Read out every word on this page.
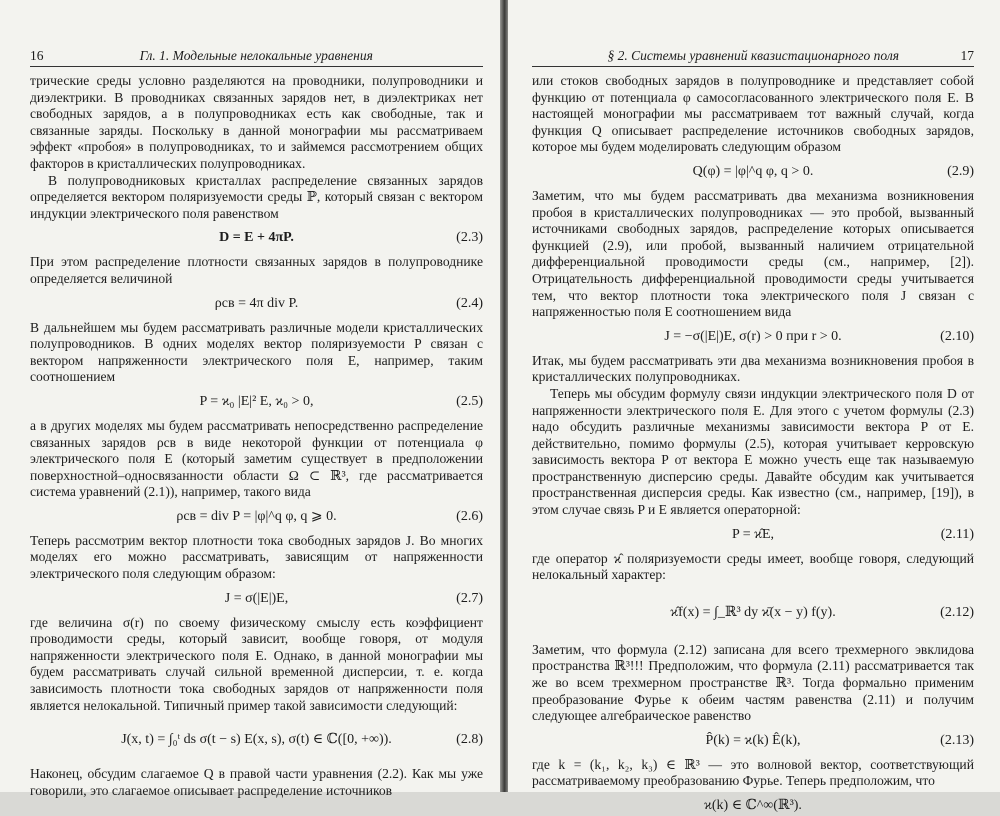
16	Гл. 1. Модельные нелокальные уравнения

трические среды условно разделяются на проводники, полупроводники и диэлектрики. В проводниках связанных зарядов нет, в диэлектриках нет свободных зарядов, а в полупроводниках есть как свободные, так и связанные заряды. Поскольку в данной монографии мы рассматриваем эффект «пробоя» в полупроводниках, то и займемся рассмотрением общих факторов в кристаллических полупроводниках.

В полупроводниковых кристаллах распределение связанных зарядов определяется вектором поляризуемости среды ℙ, который связан с вектором индукции электрического поля равенством

D = E + 4πP.	(2.3)

При этом распределение плотности связанных зарядов в полупроводнике определяется величиной

ρсв = 4π div P.	(2.4)

В дальнейшем мы будем рассматривать различные модели кристаллических полупроводников. В одних моделях вектор поляризуемости P связан с вектором напряженности электрического поля E, например, таким соотношением

P = ϰ₀ |E|² E, ϰ₀ > 0,	(2.5)

а в других моделях мы будем рассматривать непосредственно распределение связанных зарядов ρсв в виде некоторой функции от потенциала φ электрического поля E (который заметим существует в предположении поверхностной–односвязанности области Ω ⊂ ℝ³, где рассматривается система уравнений (2.1)), например, такого вида

ρсв = div P = |φ|^q φ, q ⩾ 0.	(2.6)

Теперь рассмотрим вектор плотности тока свободных зарядов J. Во многих моделях его можно рассматривать, зависящим от напряженности электрического поля следующим образом:

J = σ(|E|)E,	(2.7)

где величина σ(r) по своему физическому смыслу есть коэффициент проводимости среды, который зависит, вообще говоря, от модуля напряженности электрического поля E. Однако, в данной монографии мы будем рассматривать случай сильной временной дисперсии, т. е. когда зависимость плотности тока свободных зарядов от напряженности поля является нелокальной. Типичный пример такой зависимости следующий:

J(x, t) = ∫₀ᵗ ds σ(t − s) E(x, s), σ(t) ∈ ℂ([0, +∞)).	(2.8)

Наконец, обсудим слагаемое Q в правой части уравнения (2.2). Как мы уже говорили, это слагаемое описывает распределение источников

§ 2. Системы уравнений квазистационарного поля	17

или стоков свободных зарядов в полупроводнике и представляет собой функцию от потенциала φ самосогласованного электрического поля E. В настоящей монографии мы рассматриваем тот важный случай, когда функция Q описывает распределение источников свободных зарядов, которое мы будем моделировать следующим образом

Q(φ) = |φ|^q φ, q > 0.	(2.9)

Заметим, что мы будем рассматривать два механизма возникновения пробоя в кристаллических полупроводниках — это пробой, вызванный источниками свободных зарядов, распределение которых описывается функцией (2.9), или пробой, вызванный наличием отрицательной дифференциальной проводимости среды (см., например, [2]). Отрицательность дифференциальной проводимости среды учитывается тем, что вектор плотности тока электрического поля J связан с напряженностью поля E соотношением вида

J = −σ(|E|)E, σ(r) > 0 при r > 0.	(2.10)

Итак, мы будем рассматривать эти два механизма возникновения пробоя в кристаллических полупроводниках.

Теперь мы обсудим формулу связи индукции электрического поля D от напряженности электрического поля E. Для этого с учетом формулы (2.3) надо обсудить различные механизмы зависимости вектора P от E. действительно, помимо формулы (2.5), которая учитывает керровскую зависимость вектора P от вектора E можно учесть еще так называемую пространственную дисперсию среды. Давайте обсудим как учитывается пространственная дисперсия среды. Как известно (см., например, [19]), в этом случае связь P и E является операторной:

P = ϰ̂E,	(2.11)

где оператор ϰ̂ поляризуемости среды имеет, вообще говоря, следующий нелокальный характер:

ϰ̂f(x) = ∫_ℝ³ dy ϰ̄(x − y) f(y).	(2.12)

Заметим, что формула (2.12) записана для всего трехмерного эвклидова пространства ℝ³!!! Предположим, что формула (2.11) рассматривается так же во всем трехмерном пространстве ℝ³. Тогда формально применим преобразование Фурье к обеим частям равенства (2.11) и получим следующее алгебраическое равенство

P̂(k) = ϰ(k) Ê(k),	(2.13)

где k = (k₁, k₂, k₃) ∈ ℝ³ — это волновой вектор, соответствующий рассматриваемому преобразованию Фурье. Теперь предположим, что

ϰ(k) ∈ ℂ^∞(ℝ³).
